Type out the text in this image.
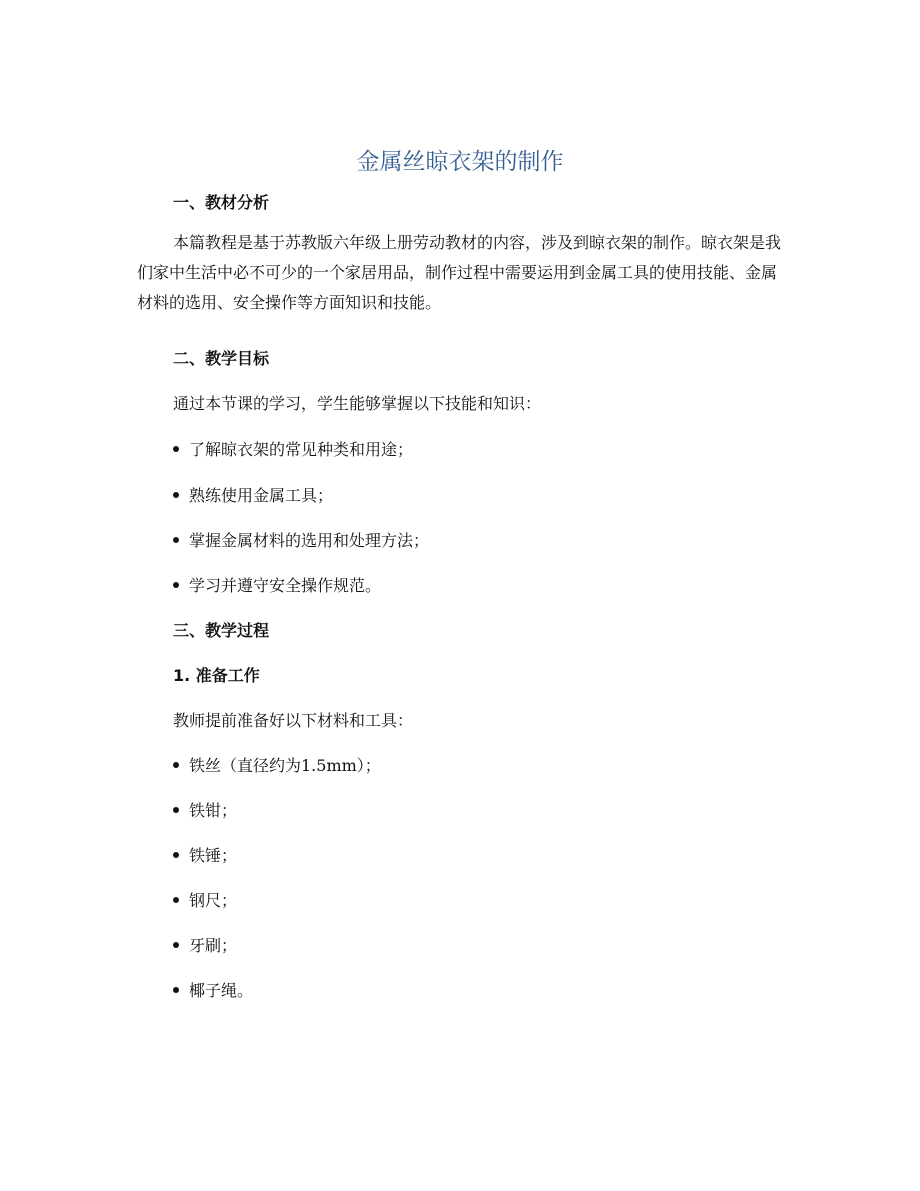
金属丝晾衣架的制作
一、教材分析
本篇教程是基于苏教版六年级上册劳动教材的内容，涉及到晾衣架的制作。晾衣架是我们家中生活中必不可少的一个家居用品，制作过程中需要运用到金属工具的使用技能、金属材料的选用、安全操作等方面知识和技能。
二、教学目标
通过本节课的学习，学生能够掌握以下技能和知识：
了解晾衣架的常见种类和用途；
熟练使用金属工具；
掌握金属材料的选用和处理方法；
学习并遵守安全操作规范。
三、教学过程
1. 准备工作
教师提前准备好以下材料和工具：
铁丝（直径约为1.5mm）；
铁钳；
铁锤；
钢尺；
牙刷；
椰子绳。
